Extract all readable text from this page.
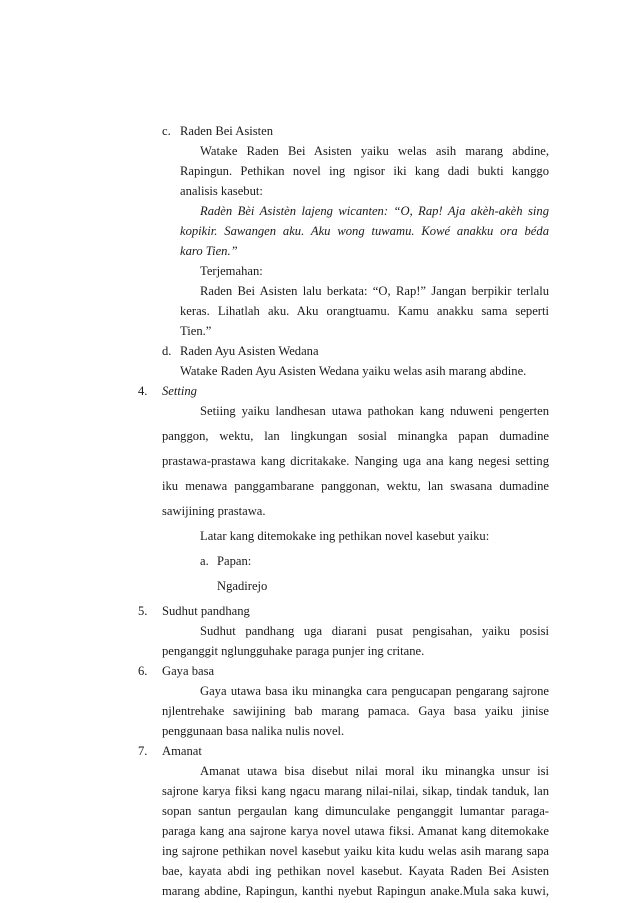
c. Raden Bei Asisten
Watake Raden Bei Asisten yaiku welas asih marang abdine,
Rapingun. Pethikan novel ing ngisor iki kang dadi bukti kanggo
analisis kasebut:
Radèn Bèi Asistèn lajeng wicanten: “O, Rap! Aja akèh-akèh sing
kopikir. Sawangen aku. Aku wong tuwamu. Kowé anakku ora béda
karo Tien.”
Terjemahan:
Raden Bei Asisten lalu berkata: “O, Rap!” Jangan berpikir terlalu
keras. Lihatlah aku. Aku orangtuamu. Kamu anakku sama seperti
Tien.”
d. Raden Ayu Asisten Wedana
Watake Raden Ayu Asisten Wedana yaiku welas asih marang abdine.
4. Setting
Setiing yaiku landhesan utawa pathokan kang nduweni pengerten
panggon, wektu, lan lingkungan sosial minangka papan dumadine
prastawa-prastawa kang dicritakake. Nanging uga ana kang negesi setting
iku menawa panggambarane panggonan, wektu, lan swasana dumadine
sawijining prastawa.
Latar kang ditemokake ing pethikan novel kasebut yaiku:
a. Papan:
Ngadirejo
5. Sudhut pandhang
Sudhut pandhang uga diarani pusat pengisahan, yaiku posisi
penganggit nglungguhake paraga punjer ing critane.
6. Gaya basa
Gaya utawa basa iku minangka cara pengucapan pengarang sajrone
njlentrehake sawijining bab marang pamaca. Gaya basa yaiku jinise
penggunaan basa nalika nulis novel.
7. Amanat
Amanat utawa bisa disebut nilai moral iku minangka unsur isi
sajrone karya fiksi kang ngacu marang nilai-nilai, sikap, tindak tanduk, lan
sopan santun pergaulan kang dimunculake penganggit lumantar paraga-
paraga kang ana sajrone karya novel utawa fiksi. Amanat kang ditemokake
ing sajrone pethikan novel kasebut yaiku kita kudu welas asih marang sapa
bae, kayata abdi ing pethikan novel kasebut. Kayata Raden Bei Asisten
marang abdine, Rapingun, kanthi nyebut Rapingun anake.Mula saka kuwi,
